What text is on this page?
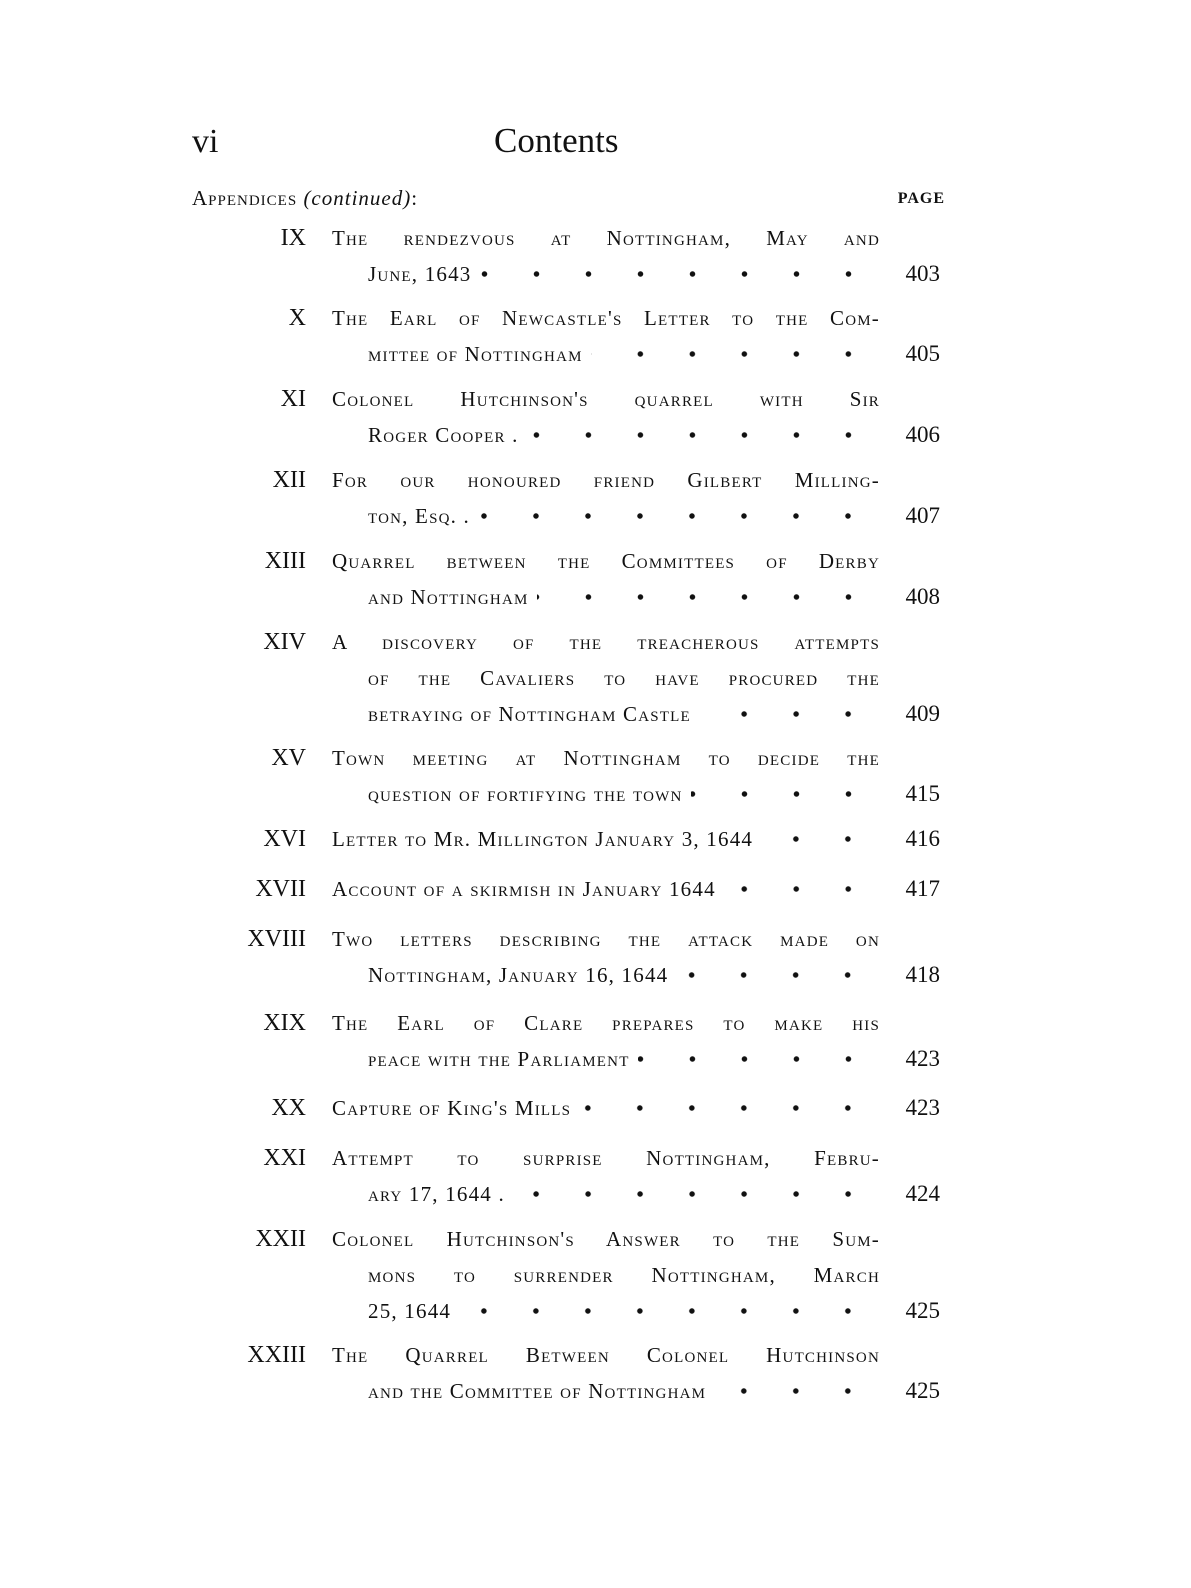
vi	Contents
Appendices (continued):	PAGE
IX The rendezvous at Nottingham, May and
June, 1643	403
X The Earl of Newcastle's Letter to the Com-
mittee of Nottingham	405
XI Colonel Hutchinson's quarrel with Sir
Roger Cooper .	406
XII For our honoured friend Gilbert Milling-
ton, Esq. .	407
XIII Quarrel between the Committees of Derby
and Nottingham	408
XIV A discovery of the treacherous attempts
of the Cavaliers to have procured the
betraying of Nottingham Castle	409
XV Town meeting at Nottingham to decide the
question of fortifying the town	415
XVI Letter to Mr. Millington January 3, 1644	416
XVII Account of a skirmish in January 1644	417
XVIII Two letters describing the attack made on
Nottingham, January 16, 1644	418
XIX The Earl of Clare prepares to make his
peace with the Parliament	423
XX Capture of King's Mills	423
XXI Attempt to surprise Nottingham, Febru-
ary 17, 1644 .	424
XXII Colonel Hutchinson's Answer to the Sum-
mons to surrender Nottingham, March
25, 1644	425
XXIII The Quarrel Between Colonel Hutchinson
and the Committee of Nottingham	425
